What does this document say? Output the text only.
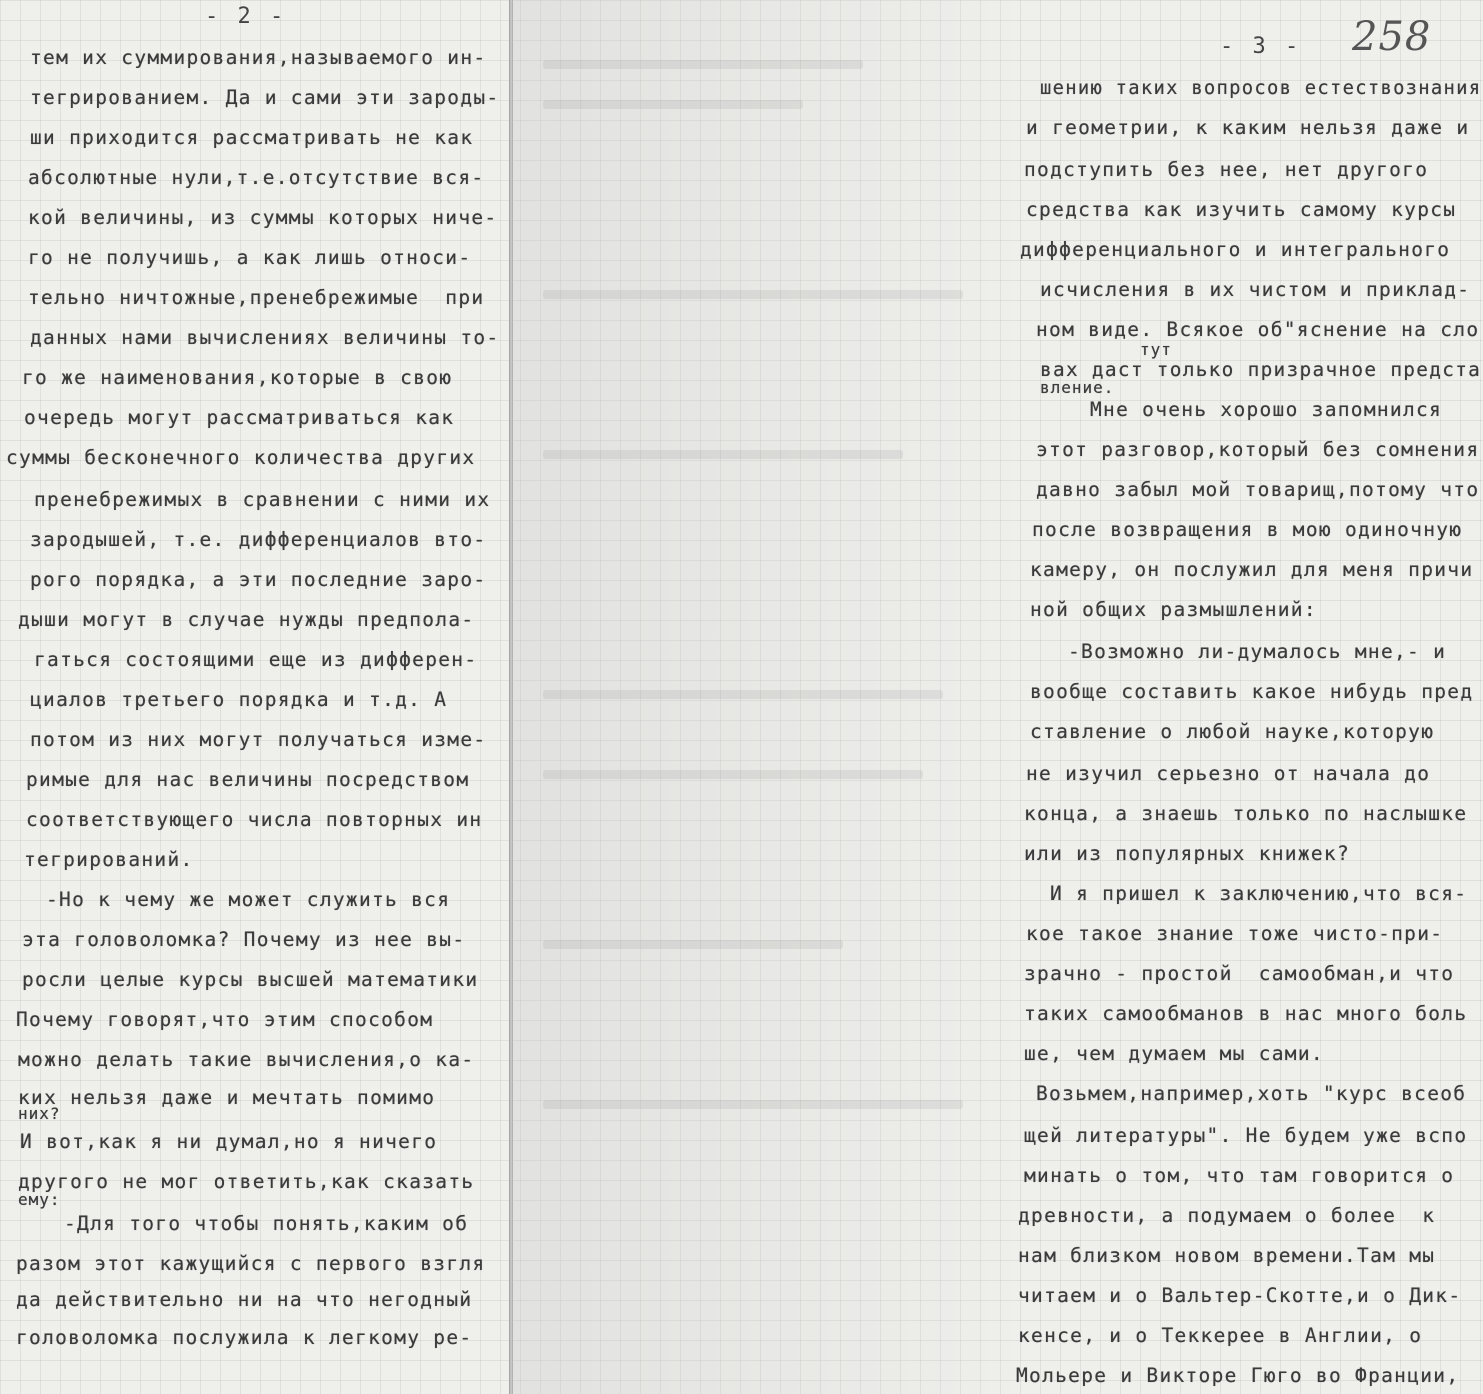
- 2 -
- 3 - 258
тем их суммирования,называемого ин-
тегрированием. Да и сами эти зароды-
ши приходится рассматривать не как
абсолютные нули,т.е.отсутствие вся-
кой величины, из суммы которых ниче-
го не получишь, а как лишь относи-
тельно ничтожные,пренебрежимые  при
данных нами вычислениях величины то-
го же наименования,которые в свою
очередь могут рассматриваться как
суммы бесконечного количества других
пренебрежимых в сравнении с ними их
зародышей, т.е. дифференциалов вто-
рого порядка, а эти последние заро-
дыши могут в случае нужды предпола-
гаться состоящими еще из дифферен-
циалов третьего порядка и т.д. А
потом из них могут получаться изме-
римые для нас величины посредством
соответствующего числа повторных ин
тегрирований.
-Но к чему же может служить вся
эта головоломка? Почему из нее вы-
росли целые курсы высшей математики
Почему говорят,что этим способом
можно делать такие вычисления,о ка-
ких нельзя даже и мечтать помимо
них?
И вот,как я ни думал,но я ничего
другого не мог ответить,как сказать
ему:
-Для того чтобы понять,каким об
разом этот кажущийся с первого взгля
да действительно ни на что негодный
головоломка послужила к легкому ре-
шению таких вопросов естествознания
и геометрии, к каким нельзя даже и
подступить без нее, нет другого
средства как изучить самому курсы
дифференциального и интегрального
исчисления в их чистом и приклад-
ном виде. Всякое об"яснение на сло
тут
вах даст только призрачное предста
вление.
Мне очень хорошо запомнился
этот разговор,который без сомнения
давно забыл мой товарищ,потому что
после возвращения в мою одиночную
камеру, он послужил для меня причи
ной общих размышлений:
-Возможно ли-думалось мне,- и
вообще составить какое нибудь пред
ставление о любой науке,которую
не изучил серьезно от начала до
конца, а знаешь только по наслышке
или из популярных книжек?
И я пришел к заключению,что вся-
кое такое знание тоже чисто-при-
зрачно - простой  самообман,и что
таких самообманов в нас много боль
ше, чем думаем мы сами.
Возьмем,например,хоть "курс всеоб
щей литературы". Не будем уже вспо
минать о том, что там говорится о
древности, а подумаем о более  к
нам близком новом времени.Там мы
читаем и о Вальтер-Скотте,и о Дик-
кенсе, и о Теккерее в Англии, о
Мольере и Викторе Гюго во Франции,
